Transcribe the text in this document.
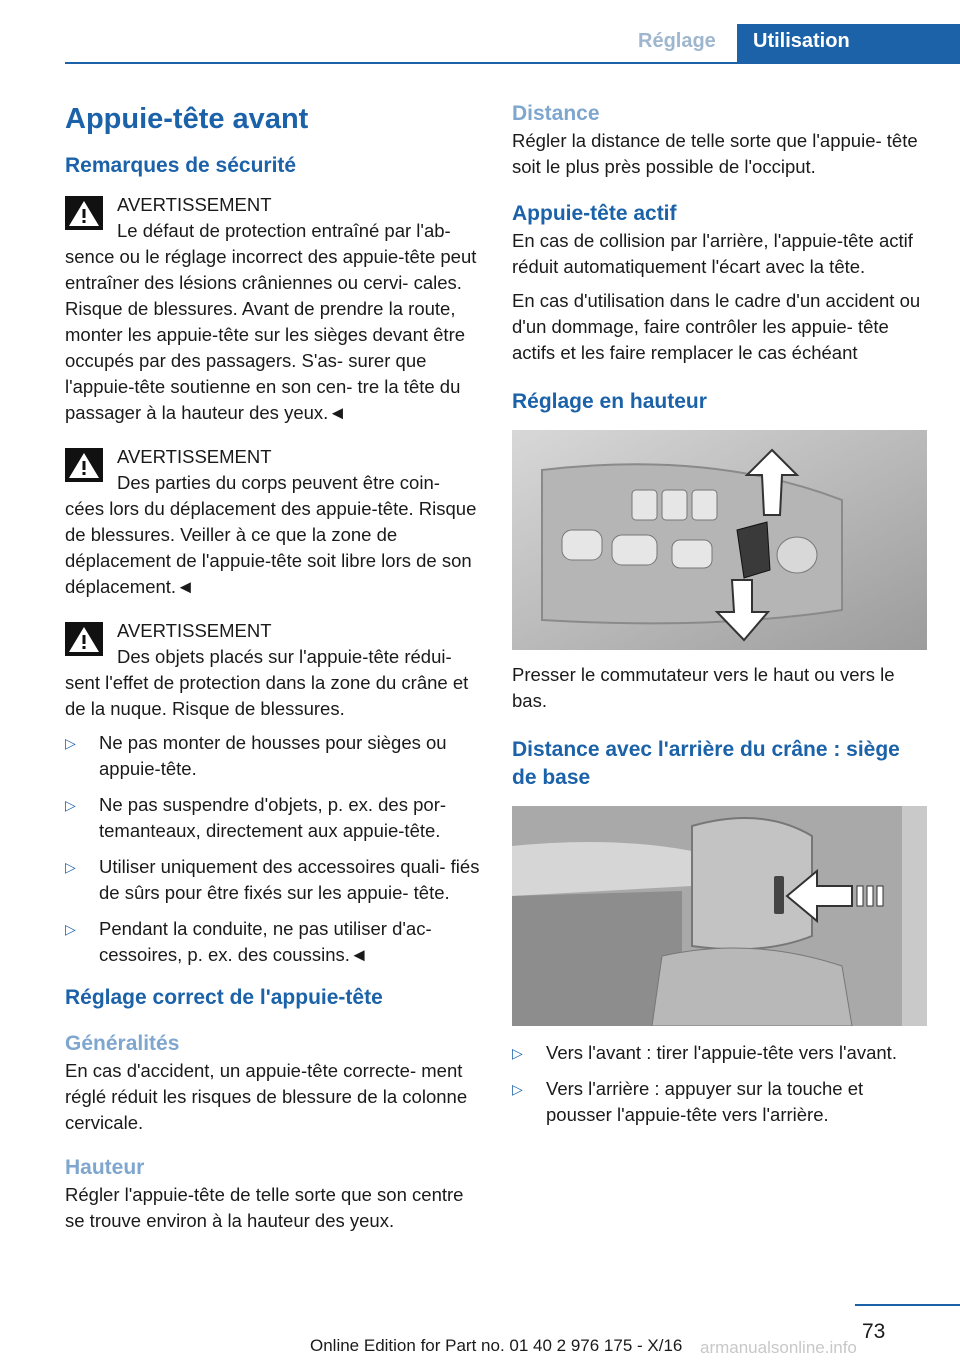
Réglage Utilisation
Appuie-tête avant
Remarques de sécurité
AVERTISSEMENT
Le défaut de protection entraîné par l'ab‐
sence ou le réglage incorrect des appuie-tête peut entraîner des lésions crâniennes ou cervi‐ cales. Risque de blessures. Avant de prendre la route, monter les appuie-tête sur les sièges devant être occupés par des passagers. S'as‐ surer que l'appuie-tête soutienne en son cen‐ tre la tête du passager à la hauteur des yeux.◄
AVERTISSEMENT
Des parties du corps peuvent être coin‐
cées lors du déplacement des appuie-tête. Risque de blessures. Veiller à ce que la zone de déplacement de l'appuie-tête soit libre lors de son déplacement.◄
AVERTISSEMENT
Des objets placés sur l'appuie-tête rédui‐
sent l'effet de protection dans la zone du crâne et de la nuque. Risque de blessures.
▷ Ne pas monter de housses pour sièges ou appuie-tête.
▷ Ne pas suspendre d'objets, p. ex. des por‐ temanteaux, directement aux appuie-tête.
▷ Utiliser uniquement des accessoires quali‐ fiés de sûrs pour être fixés sur les appuie- tête.
▷ Pendant la conduite, ne pas utiliser d'ac‐ cessoires, p. ex. des coussins.◄
Réglage correct de l'appuie-tête
Généralités
En cas d'accident, un appuie-tête correcte‐ ment réglé réduit les risques de blessure de la colonne cervicale.
Hauteur
Régler l'appuie-tête de telle sorte que son centre se trouve environ à la hauteur des yeux.
Distance
Régler la distance de telle sorte que l'appuie- tête soit le plus près possible de l'occiput.
Appuie-tête actif
En cas de collision par l'arrière, l'appuie-tête actif réduit automatiquement l'écart avec la tête.
En cas d'utilisation dans le cadre d'un accident ou d'un dommage, faire contrôler les appuie- tête actifs et les faire remplacer le cas échéant
Réglage en hauteur
Presser le commutateur vers le haut ou vers le bas.
Distance avec l'arrière du crâne : siège de base
▷ Vers l'avant : tirer l'appuie-tête vers l'avant.
▷ Vers l'arrière : appuyer sur la touche et pousser l'appuie-tête vers l'arrière.
73
Online Edition for Part no. 01 40 2 976 175 - X/16 armanualsonline.info
